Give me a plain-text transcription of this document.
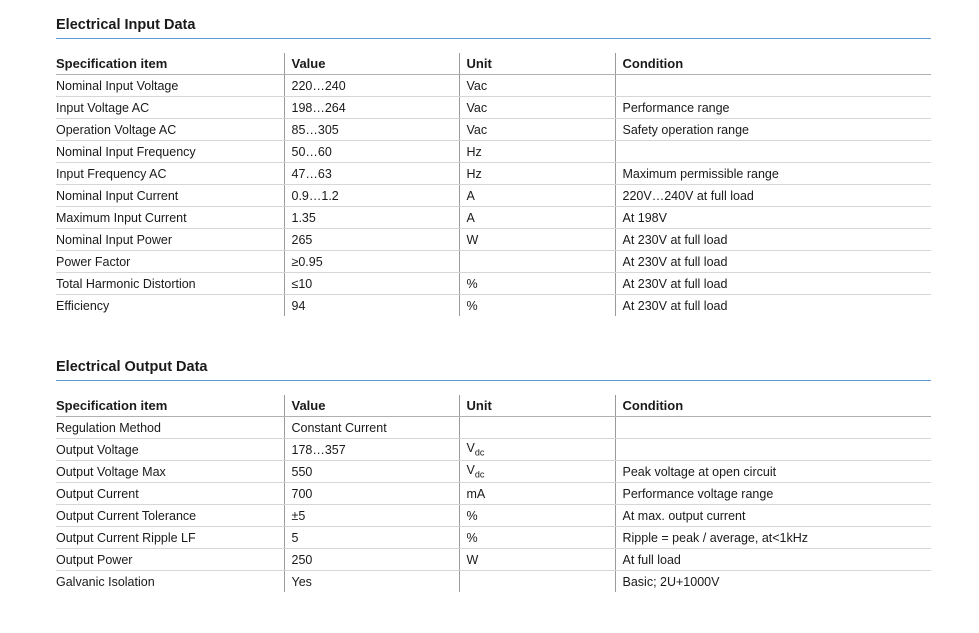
Electrical Input Data
Specification item	Value	Unit	Condition
Nominal Input Voltage	220…240	Vac	
Input Voltage AC	198…264	Vac	Performance range
Operation Voltage AC	85…305	Vac	Safety operation range
Nominal Input Frequency	50…60	Hz	
Input Frequency AC	47…63	Hz	Maximum permissible range
Nominal Input Current	0.9…1.2	A	220V…240V at full load
Maximum Input Current	1.35	A	At 198V
Nominal Input Power	265	W	At 230V at full load
Power Factor	≥0.95		At 230V at full load
Total Harmonic Distortion	≤10	%	At 230V at full load
Efficiency	94	%	At 230V at full load
Electrical Output Data
Specification item	Value	Unit	Condition
Regulation Method	Constant Current		
Output Voltage	178…357	$V_{dc}$	
Output Voltage Max	550	$V_{dc}$	Peak voltage at open circuit
Output Current	700	mA	Performance voltage range
Output Current Tolerance	±5	%	At max. output current
Output Current Ripple LF	5	%	Ripple = peak / average, at<1kHz
Output Power	250	W	At full load
Galvanic Isolation	Yes		Basic; 2U+1000V
